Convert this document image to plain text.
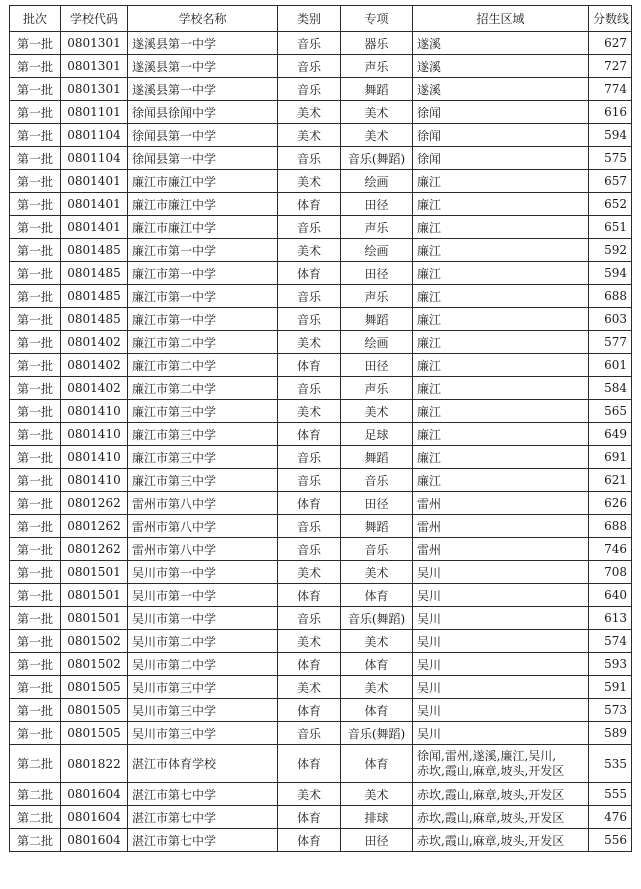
批次	学校代码	学校名称	类别	专项	招生区域	分数线
第一批	0801301	遂溪县第一中学	音乐	器乐	遂溪	627
第一批	0801301	遂溪县第一中学	音乐	声乐	遂溪	727
第一批	0801301	遂溪县第一中学	音乐	舞蹈	遂溪	774
第一批	0801101	徐闻县徐闻中学	美术	美术	徐闻	616
第一批	0801104	徐闻县第一中学	美术	美术	徐闻	594
第一批	0801104	徐闻县第一中学	音乐	音乐(舞蹈)	徐闻	575
第一批	0801401	廉江市廉江中学	美术	绘画	廉江	657
第一批	0801401	廉江市廉江中学	体育	田径	廉江	652
第一批	0801401	廉江市廉江中学	音乐	声乐	廉江	651
第一批	0801485	廉江市第一中学	美术	绘画	廉江	592
第一批	0801485	廉江市第一中学	体育	田径	廉江	594
第一批	0801485	廉江市第一中学	音乐	声乐	廉江	688
第一批	0801485	廉江市第一中学	音乐	舞蹈	廉江	603
第一批	0801402	廉江市第二中学	美术	绘画	廉江	577
第一批	0801402	廉江市第二中学	体育	田径	廉江	601
第一批	0801402	廉江市第二中学	音乐	声乐	廉江	584
第一批	0801410	廉江市第三中学	美术	美术	廉江	565
第一批	0801410	廉江市第三中学	体育	足球	廉江	649
第一批	0801410	廉江市第三中学	音乐	舞蹈	廉江	691
第一批	0801410	廉江市第三中学	音乐	音乐	廉江	621
第一批	0801262	雷州市第八中学	体育	田径	雷州	626
第一批	0801262	雷州市第八中学	音乐	舞蹈	雷州	688
第一批	0801262	雷州市第八中学	音乐	音乐	雷州	746
第一批	0801501	吴川市第一中学	美术	美术	吴川	708
第一批	0801501	吴川市第一中学	体育	体育	吴川	640
第一批	0801501	吴川市第一中学	音乐	音乐(舞蹈)	吴川	613
第一批	0801502	吴川市第二中学	美术	美术	吴川	574
第一批	0801502	吴川市第二中学	体育	体育	吴川	593
第一批	0801505	吴川市第三中学	美术	美术	吴川	591
第一批	0801505	吴川市第三中学	体育	体育	吴川	573
第一批	0801505	吴川市第三中学	音乐	音乐(舞蹈)	吴川	589
第二批	0801822	湛江市体育学校	体育	体育	徐闻,雷州,遂溪,廉江,吴川,
赤坎,霞山,麻章,坡头,开发区	535
第二批	0801604	湛江市第七中学	美术	美术	赤坎,霞山,麻章,坡头,开发区	555
第二批	0801604	湛江市第七中学	体育	排球	赤坎,霞山,麻章,坡头,开发区	476
第二批	0801604	湛江市第七中学	体育	田径	赤坎,霞山,麻章,坡头,开发区	556
